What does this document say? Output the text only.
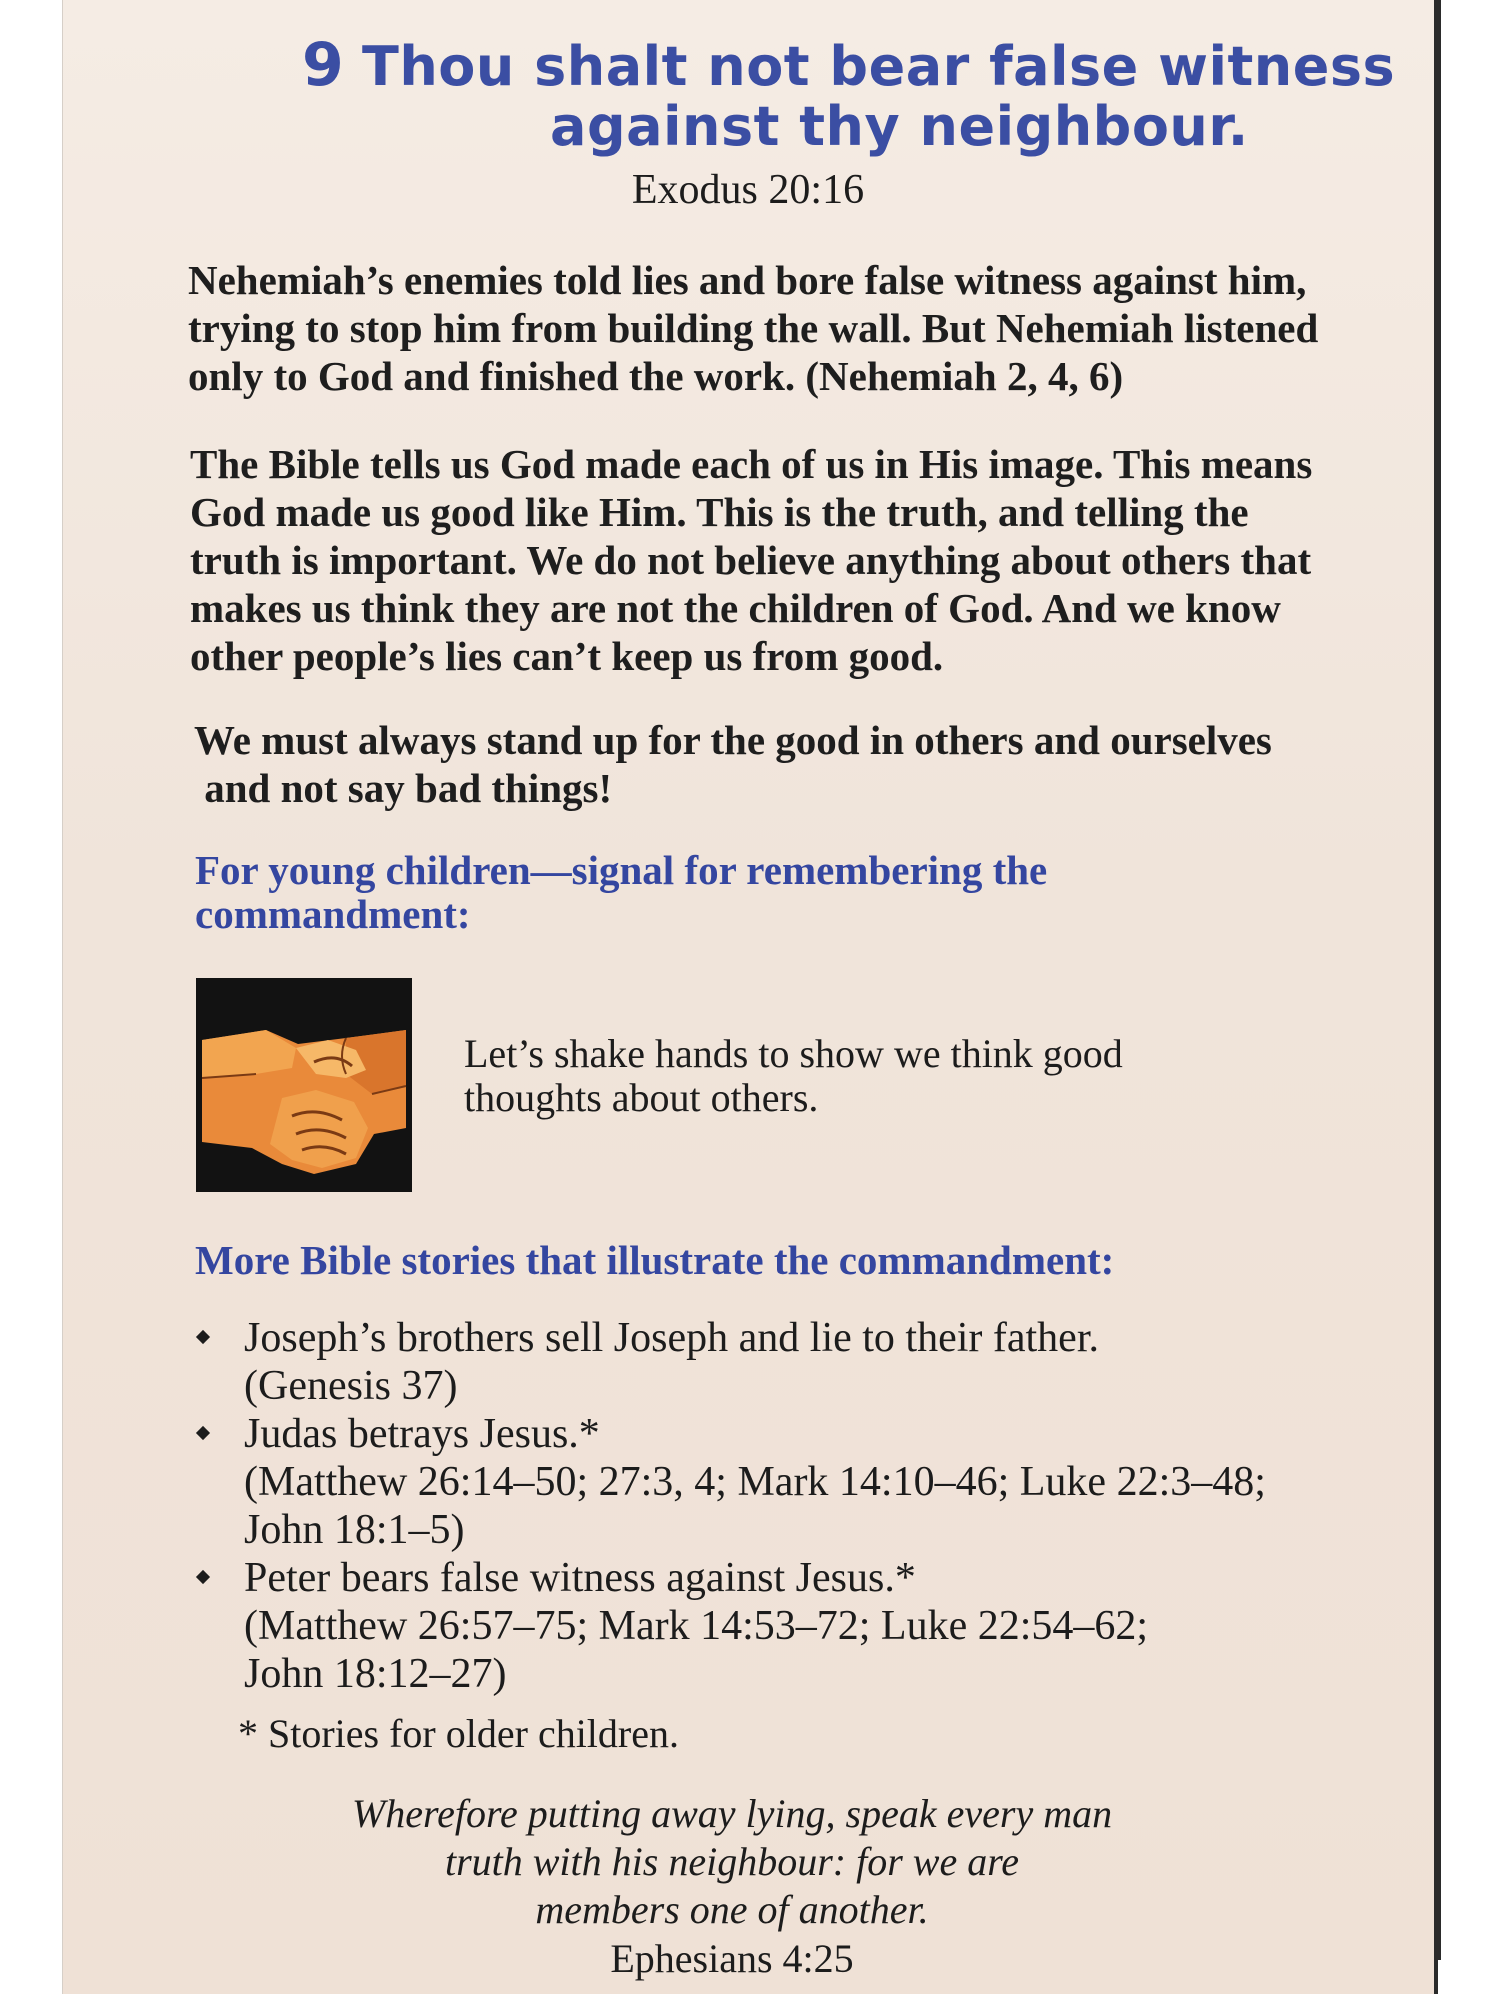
9 Thou shalt not bear false witness
against thy neighbour.
Exodus 20:16
Nehemiah’s enemies told lies and bore false witness against him,
trying to stop him from building the wall. But Nehemiah listened
only to God and finished the work. (Nehemiah 2, 4, 6)
The Bible tells us God made each of us in His image. This means
God made us good like Him. This is the truth, and telling the
truth is important. We do not believe anything about others that
makes us think they are not the children of God. And we know
other people’s lies can’t keep us from good.
We must always stand up for the good in others and ourselves
and not say bad things!
For young children—signal for remembering the
commandment:
Let’s shake hands to show we think good
thoughts about others.
More Bible stories that illustrate the commandment:
Joseph’s brothers sell Joseph and lie to their father.
(Genesis 37)
Judas betrays Jesus.*
(Matthew 26:14–50; 27:3, 4; Mark 14:10–46; Luke 22:3–48;
John 18:1–5)
Peter bears false witness against Jesus.*
(Matthew 26:57–75; Mark 14:53–72; Luke 22:54–62;
John 18:12–27)
* Stories for older children.
Wherefore putting away lying, speak every man
truth with his neighbour: for we are
members one of another.
Ephesians 4:25
